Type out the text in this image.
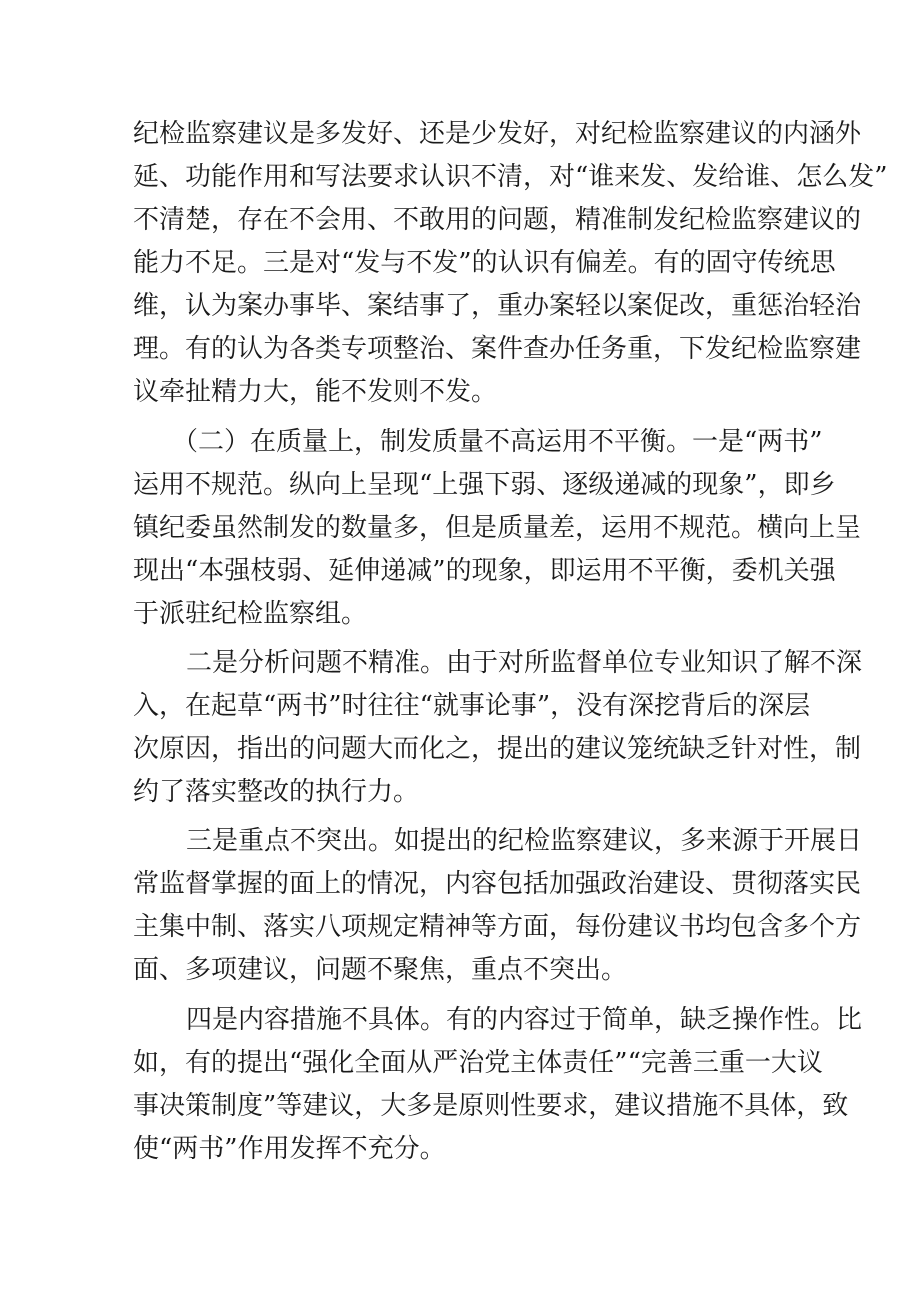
纪检监察建议是多发好、还是少发好，对纪检监察建议的内涵外

延、功能作用和写法要求认识不清，对“谁来发、发给谁、怎么发”

不清楚，存在不会用、不敢用的问题，精准制发纪检监察建议的

能力不足。三是对“发与不发”的认识有偏差。有的固守传统思

维，认为案办事毕、案结事了，重办案轻以案促改，重惩治轻治

理。有的认为各类专项整治、案件查办任务重，下发纪检监察建

议牵扯精力大，能不发则不发。

（二）在质量上，制发质量不高运用不平衡。一是“两书”

运用不规范。纵向上呈现“上强下弱、逐级递减的现象”，即乡

镇纪委虽然制发的数量多，但是质量差，运用不规范。横向上呈

现出“本强枝弱、延伸递减”的现象，即运用不平衡，委机关强

于派驻纪检监察组。

二是分析问题不精准。由于对所监督单位专业知识了解不深

入，在起草“两书”时往往“就事论事”，没有深挖背后的深层

次原因，指出的问题大而化之，提出的建议笼统缺乏针对性，制

约了落实整改的执行力。

三是重点不突出。如提出的纪检监察建议，多来源于开展日

常监督掌握的面上的情况，内容包括加强政治建设、贯彻落实民

主集中制、落实八项规定精神等方面，每份建议书均包含多个方

面、多项建议，问题不聚焦，重点不突出。

四是内容措施不具体。有的内容过于简单，缺乏操作性。比

如，有的提出“强化全面从严治党主体责任”“完善三重一大议

事决策制度”等建议，大多是原则性要求，建议措施不具体，致

使“两书”作用发挥不充分。
